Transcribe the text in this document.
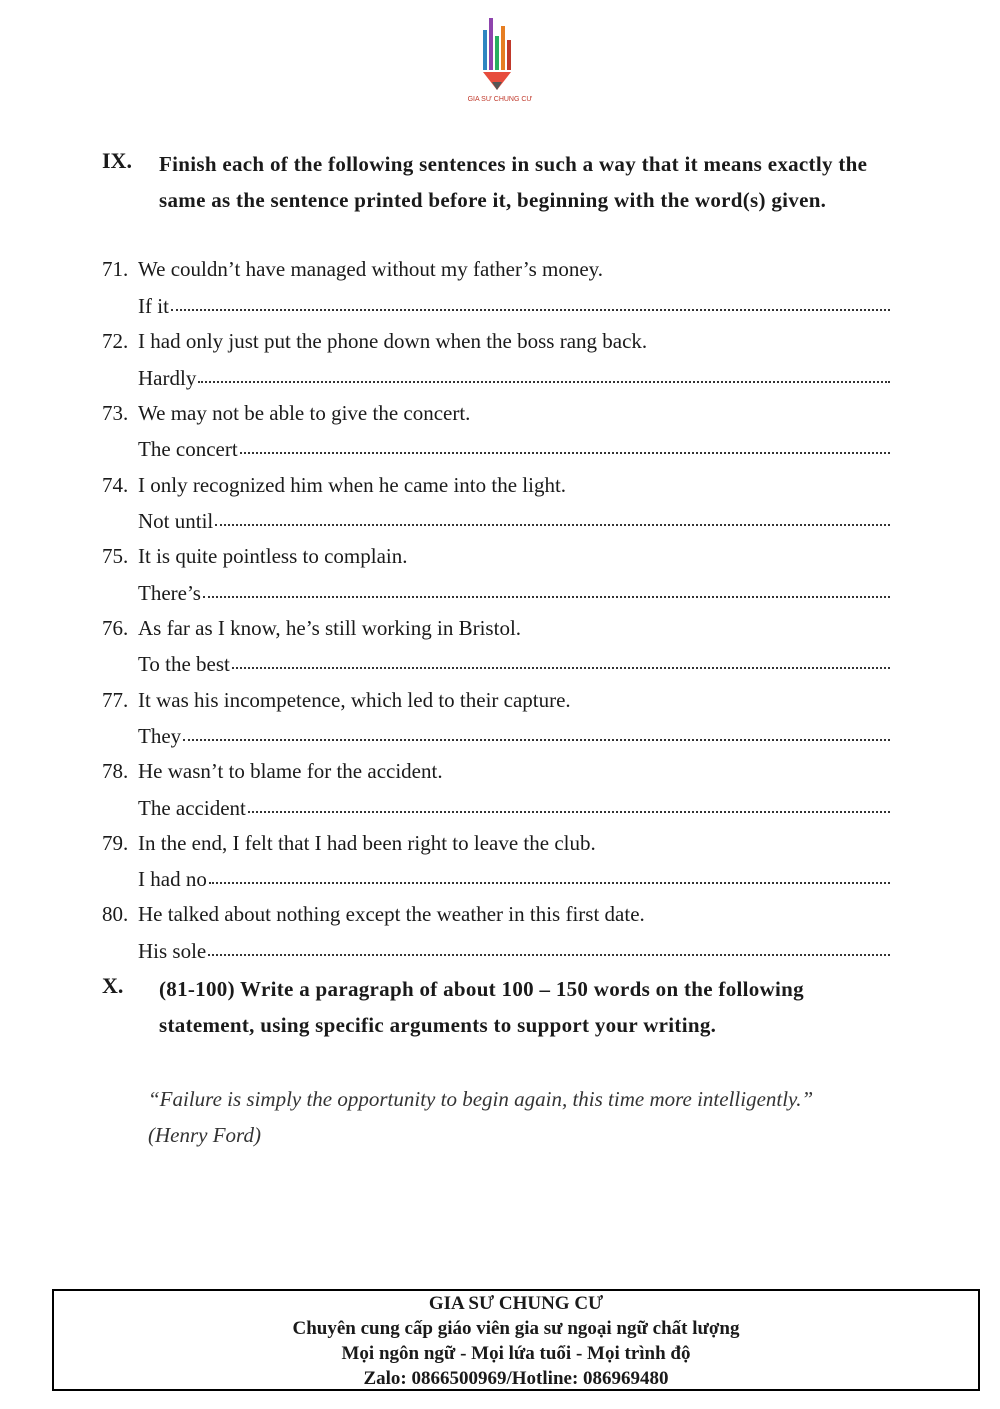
GIA SƯ CHUNG CƯ
IX. Finish each of the following sentences in such a way that it means exactly the same as the sentence printed before it, beginning with the word(s) given.
71. We couldn’t have managed without my father’s money.
If it
72. I had only just put the phone down when the boss rang back.
Hardly
73. We may not be able to give the concert.
The concert
74. I only recognized him when he came into the light.
Not until
75. It is quite pointless to complain.
There’s
76. As far as I know, he’s still working in Bristol.
To the best
77. It was his incompetence, which led to their capture.
They
78. He wasn’t to blame for the accident.
The accident
79. In the end, I felt that I had been right to leave the club.
I had no
80. He talked about nothing except the weather in this first date.
His sole
X. (81-100) Write a paragraph of about 100 – 150 words on the following statement, using specific arguments to support your writing.
“Failure is simply the opportunity to begin again, this time more intelligently.” (Henry Ford)
GIA SƯ CHUNG CƯ
Chuyên cung cấp giáo viên gia sư ngoại ngữ chất lượng
Mọi ngôn ngữ - Mọi lứa tuổi - Mọi trình độ
Zalo: 0866500969/Hotline: 086969480
